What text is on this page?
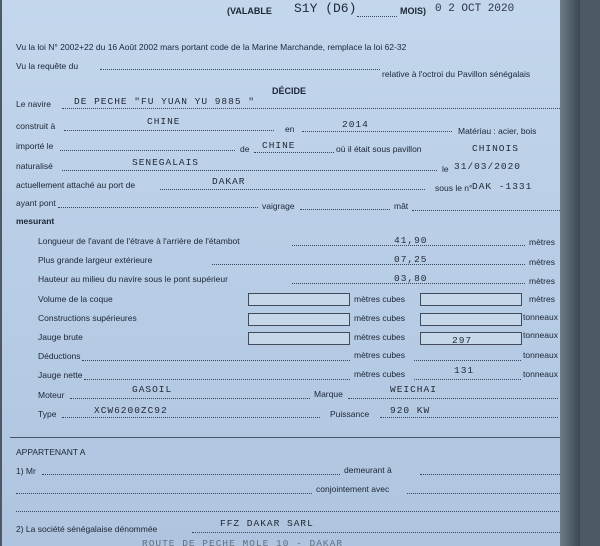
(VALABLE S1Y (D6)	MOIS) 0 2 OCT 2020
Vu la loi N° 2002+22 du 16 Août 2002 mars portant code de la Marine Marchande, remplace la loi 62-32
Vu la requête du
relative à l'octroi du Pavillon sénégalais
DÉCIDE
Le navire DE PECHE "FU YUAN YU 9885 "
construit à	CHINE
en	2014
Matériau : acier, bois
importé le	de CHINE	où il était sous pavillon	CHINOIS
naturalisé	SENEGALAIS
le 31/03/2020
actuellement attaché au port de	DAKAR
sous le n° DAK -1331
ayant pont	vaigrage	mât
mesurant
Longueur de l'avant de l'étrave à l'arrière de l'étambot	41,90	mètres
Plus grande largeur extérieure	07,25	mètres
Hauteur au milieu du navire sous le pont supérieur	03,80	mètres
Volume de la coque	mètres cubes	mètres
Constructions supérieures	mètres cubes	tonneaux
Jauge brute	mètres cubes	297	tonneaux
Déductions	mètres cubes	tonneaux
Jauge nette	mètres cubes	131	tonneaux
Moteur	GASOIL	Marque	WEICHAI
Type	XCW6200ZC92	Puissance 920 KW
APPARTENANT A
1) Mr	demeurant à
conjointement avec
2) La société sénégalaise dénommée	FFZ DAKAR SARL
ROUTE DE PECHE MOLE 10 - DAKAR
